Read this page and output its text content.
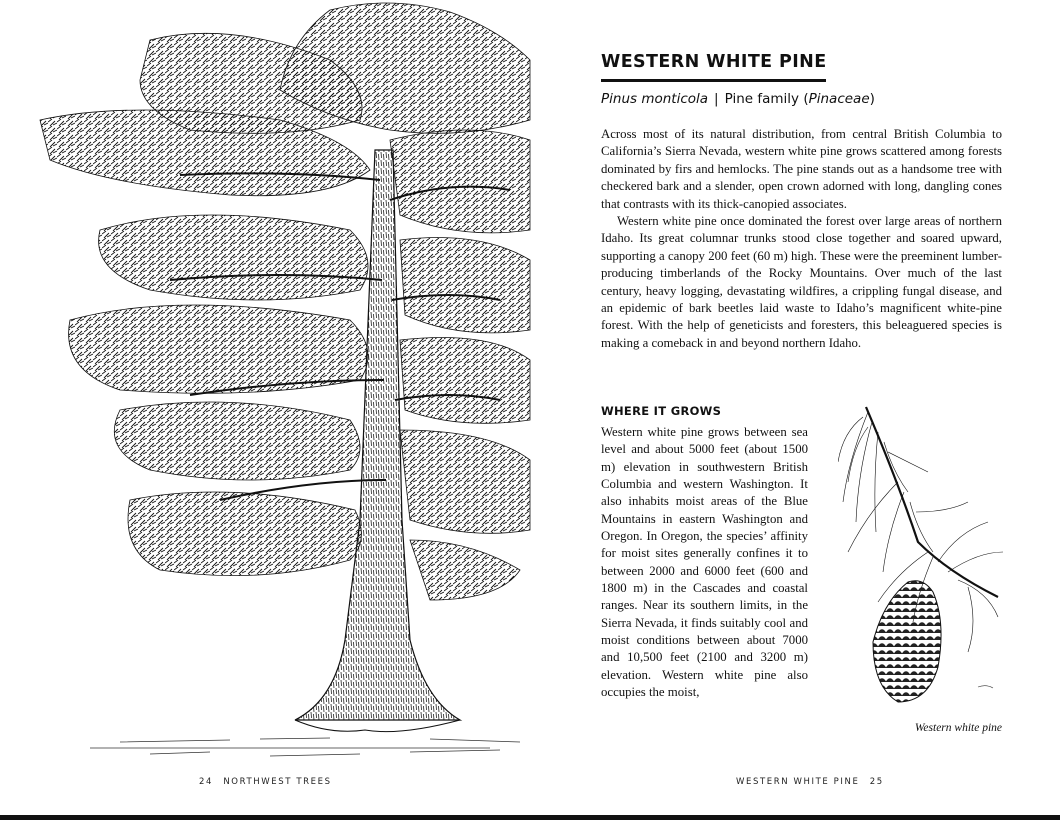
24 NORTHWEST TREES
WESTERN WHITE PINE
Pinus monticola | Pine family (Pinaceae)

Across most of its natural distribution, from central British Columbia to California’s Sierra Nevada, western white pine grows scattered among forests dominated by firs and hemlocks. The pine stands out as a handsome tree with checkered bark and a slender, open crown adorned with long, dangling cones that contrasts with its thick-canopied associates.

Western white pine once dominated the forest over large areas of northern Idaho. Its great columnar trunks stood close together and soared upward, supporting a canopy 200 feet (60 m) high. These were the preeminent lumber-producing timberlands of the Rocky Mountains. Over much of the last century, heavy logging, devastating wildfires, a crippling fungal disease, and an epidemic of bark beetles laid waste to Idaho’s magnificent white-pine forest. With the help of geneticists and foresters, this beleaguered species is making a comeback in and beyond northern Idaho.

WHERE IT GROWS

Western white pine grows between sea level and about 5000 feet (about 1500 m) elevation in southwestern British Columbia and western Washington. It also inhabits moist areas of the Blue Mountains in eastern Washington and Oregon. In Oregon, the species’ affinity for moist sites generally confines it to between 2000 and 6000 feet (600 and 1800 m) in the Cascades and coastal ranges. Near its southern limits, in the Sierra Nevada, it finds suitably cool and moist conditions between about 7000 and 10,500 feet (2100 and 3200 m) elevation. Western white pine also occupies the moist,

Western white pine
WESTERN WHITE PINE 25
